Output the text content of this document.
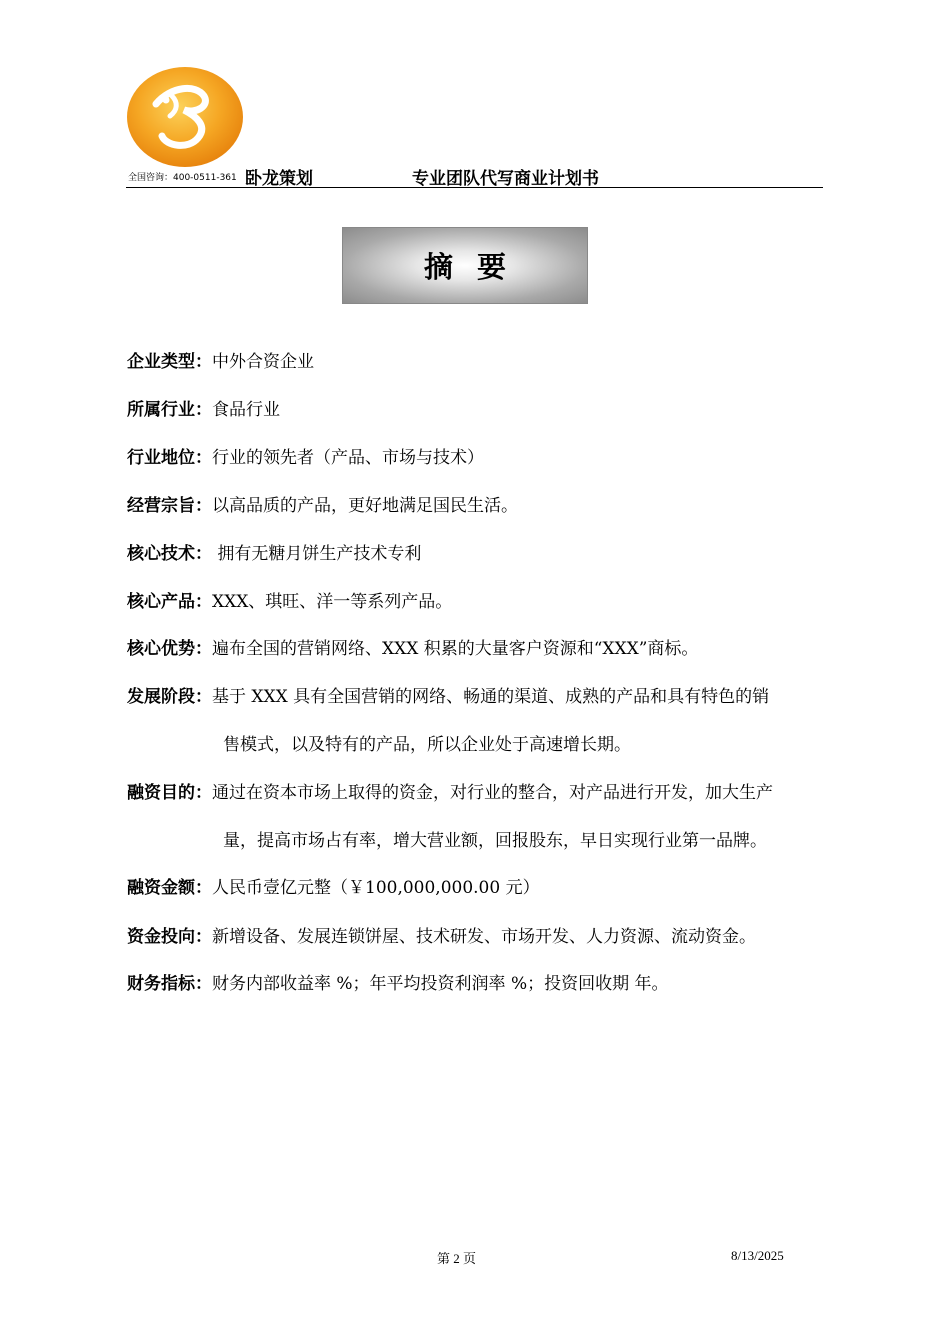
全国咨询：400-0511-361 卧龙策划	专业团队代写商业计划书
摘要
企业类型：中外合资企业
所属行业：食品行业
行业地位：行业的领先者（产品、市场与技术）
经营宗旨：以高品质的产品，更好地满足国民生活。
核心技术： 拥有无糖月饼生产技术专利
核心产品：XXX、琪旺、洋一等系列产品。
核心优势：遍布全国的营销网络、XXX 积累的大量客户资源和“XXX”商标。
发展阶段：基于 XXX 具有全国营销的网络、畅通的渠道、成熟的产品和具有特色的销
售模式，以及特有的产品，所以企业处于高速增长期。
融资目的：通过在资本市场上取得的资金，对行业的整合，对产品进行开发，加大生产
量，提高市场占有率，增大营业额，回报股东，早日实现行业第一品牌。
融资金额：人民币壹亿元整（￥100,000,000.00 元）
资金投向：新增设备、发展连锁饼屋、技术研发、市场开发、人力资源、流动资金。
财务指标：财务内部收益率 %；年平均投资利润率 %；投资回收期 年。
第 2 页	8/13/2025
